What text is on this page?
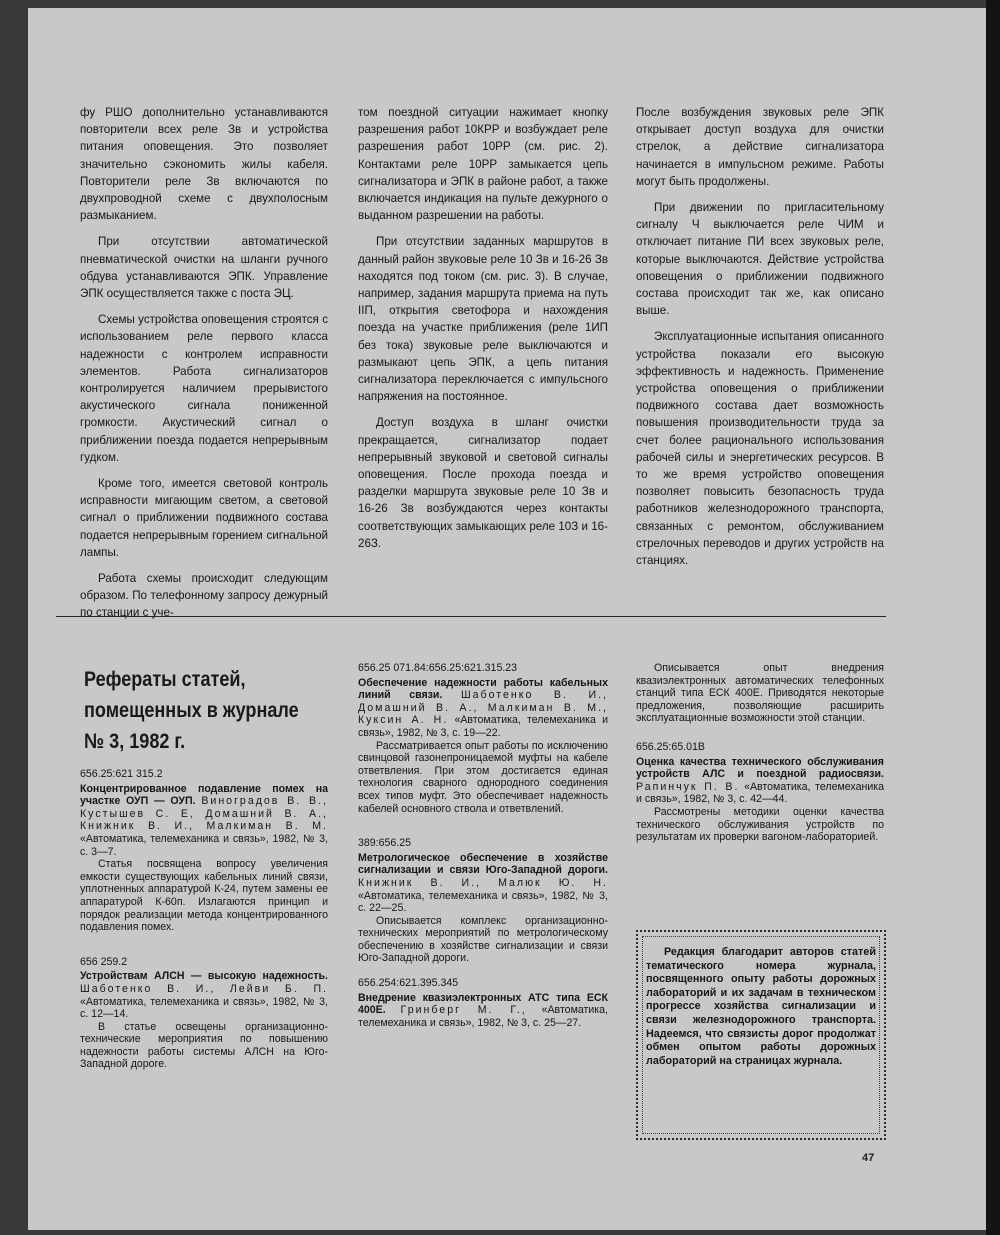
фу РШО дополнительно устанавливаются повторители всех реле Зв и устройства питания оповещения. Это позволяет значительно сэкономить жилы кабеля. Повторители реле Зв включаются по двухпроводной схеме с двухполосным размыканием.

При отсутствии автоматической пневматической очистки на шланги ручного обдува устанавливаются ЭПК. Управление ЭПК осуществляется также с поста ЭЦ.

Схемы устройства оповещения строятся с использованием реле первого класса надежности с контролем исправности элементов. Работа сигнализаторов контролируется наличием прерывистого акустического сигнала пониженной громкости. Акустический сигнал о приближении поезда подается непрерывным гудком.

Кроме того, имеется световой контроль исправности мигающим светом, а световой сигнал о приближении подвижного состава подается непрерывным горением сигнальной лампы.

Работа схемы происходит следующим образом. По телефонному запросу дежурный по станции с уче-

том поездной ситуации нажимает кнопку разрешения работ 10КРР и возбуждает реле разрешения работ 10РР (см. рис. 2). Контактами реле 10РР замыкается цепь сигнализатора и ЭПК в районе работ, а также включается индикация на пульте дежурного о выданном разрешении на работы.

При отсутствии заданных маршрутов в данный район звуковые реле 10 Зв и 16-26 Зв находятся под током (см. рис. 3). В случае, например, задания маршрута приема на путь IIП, открытия светофора и нахождения поезда на участке приближения (реле 1ИП без тока) звуковые реле выключаются и размыкают цепь ЭПК, а цепь питания сигнализатора переключается с импульсного напряжения на постоянное.

Доступ воздуха в шланг очистки прекращается, сигнализатор подает непрерывный звуковой и световой сигналы оповещения. После прохода поезда и разделки маршрута звуковые реле 10 Зв и 16-26 Зв возбуждаются через контакты соответствующих замыкающих реле 10З и 16-26З.

После возбуждения звуковых реле ЭПК открывает доступ воздуха для очистки стрелок, а действие сигнализатора начинается в импульсном режиме. Работы могут быть продолжены.

При движении по пригласительному сигналу Ч выключается реле ЧИМ и отключает питание ПИ всех звуковых реле, которые выключаются. Действие устройства оповещения о приближении подвижного состава происходит так же, как описано выше.

Эксплуатационные испытания описанного устройства показали его высокую эффективность и надежность. Применение устройства оповещения о приближении подвижного состава дает возможность повышения производительности труда за счет более рационального использования рабочей силы и энергетических ресурсов. В то же время устройство оповещения позволяет повысить безопасность труда работников железнодорожного транспорта, связанных с ремонтом, обслуживанием стрелочных переводов и других устройств на станциях.

Рефераты статей, помещенных в журнале № 3, 1982 г.
656.25:621 315.2
Концентрированное подавление помех на участке ОУП — ОУП. Виноградов В. В., Кустышев С. Е, Домашний В. А., Книжник В. И., Малкиман В. М. «Автоматика, телемеханика и связь», 1982, № 3, с. 3—7.
Статья посвящена вопросу увеличения емкости существующих кабельных линий связи, уплотненных аппаратурой К-24, путем замены ее аппаратурой К-60п. Излагаются принцип и порядок реализации метода концентрированного подавления помех.
656 259.2
Устройствам АЛСН — высокую надежность. Шаботенко В. И., Лейви Б. П. «Автоматика, телемеханика и связь», 1982, № 3, с. 12—14.
В статье освещены организационно-технические мероприятия по повышению надежности работы системы АЛСН на Юго-Западной дороге.
656.25 071.84:656.25:621.315.23
Обеспечение надежности работы кабельных линий связи. Шаботенко В. И., Домашний В. А., Малкиман В. М., Куксин А. Н. «Автоматика, телемеханика и связь», 1982, № 3, с. 19—22.
Рассматривается опыт работы по исключению свинцовой газонепроницаемой муфты на кабеле ответвления. При этом достигается единая технология сварного однородного соединения всех типов муфт. Это обеспечивает надежность кабелей основного ствола и ответвлений.
389:656.25
Метрологическое обеспечение в хозяйстве сигнализации и связи Юго-Западной дороги. Книжник В. И., Малюк Ю. Н. «Автоматика, телемеханика и связь», 1982, № 3, с. 22—25.
Описывается комплекс организационно-технических мероприятий по метрологическому обеспечению в хозяйстве сигнализации и связи Юго-Западной дороги.
656.254:621.395.345
Внедрение квазиэлектронных АТС типа ЕСК 400Е. Гринберг М. Г., «Автоматика, телемеханика и связь», 1982, № 3, с. 25—27.
Описывается опыт внедрения квазиэлектронных автоматических телефонных станций типа ЕСК 400Е. Приводятся некоторые предложения, позволяющие расширить эксплуатационные возможности этой станции.
656.25:65.01В
Оценка качества технического обслуживания устройств АЛС и поездной радиосвязи. Рапинчук П. В. «Автоматика, телемеханика и связь», 1982, № 3, с. 42—44.
Рассмотрены методики оценки качества технического обслуживания устройств по результатам их проверки вагоном-лабораторией.
Редакция благодарит авторов статей тематического номера журнала, посвященного опыту работы дорожных лабораторий и их задачам в техническом прогрессе хозяйства сигнализации и связи железнодорожного транспорта. Надеемся, что связисты дорог продолжат обмен опытом работы дорожных лабораторий на страницах журнала.
47
